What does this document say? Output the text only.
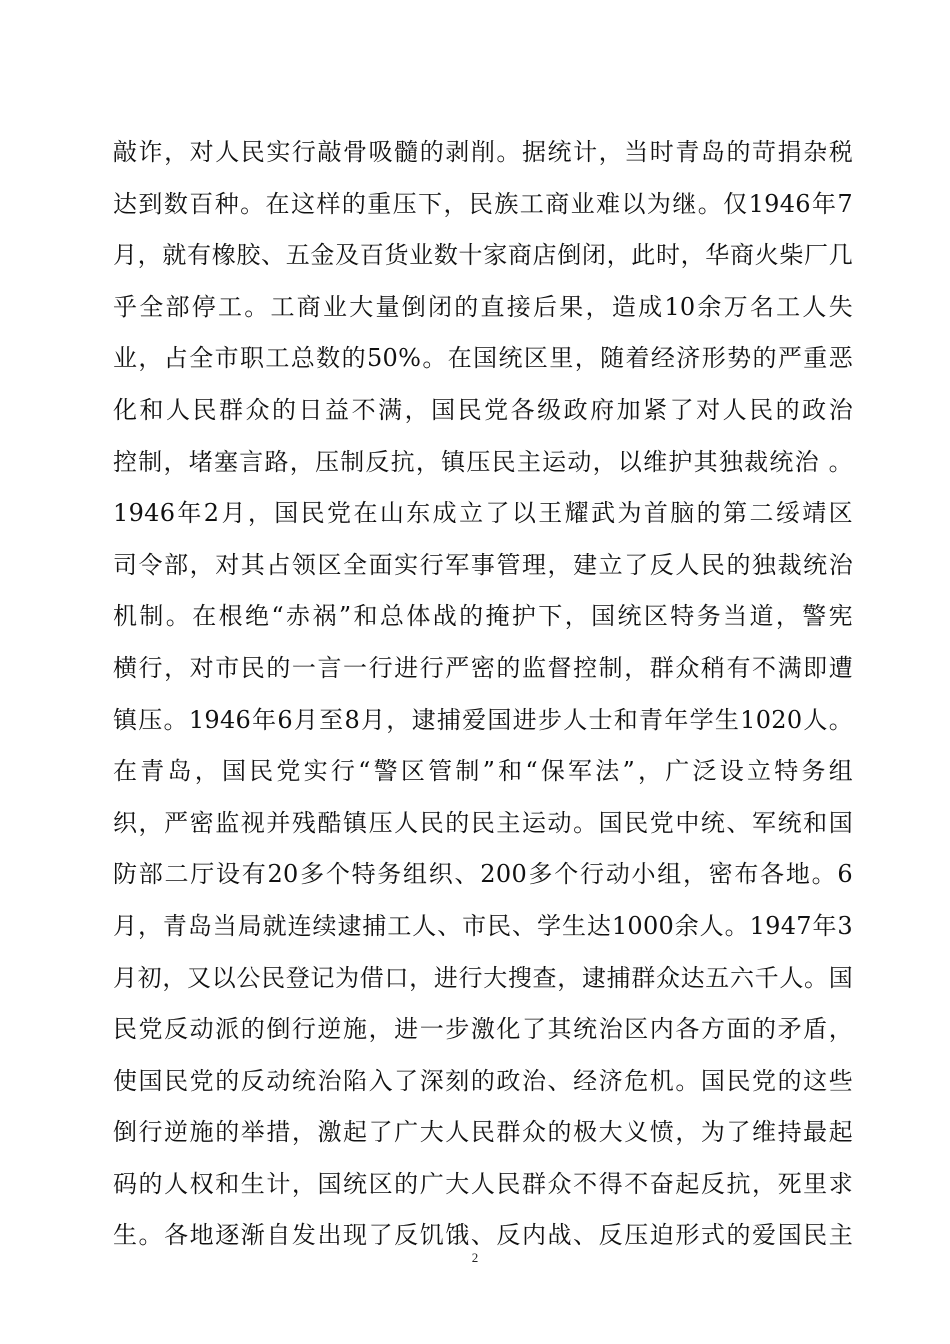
敲诈，对人民实行敲骨吸髓的剥削。据统计，当时青岛的苛捐杂税
达到数百种。在这样的重压下，民族工商业难以为继。仅1946年7
月，就有橡胶、五金及百货业数十家商店倒闭，此时，华商火柴厂几
乎全部停工。工商业大量倒闭的直接后果，造成10余万名工人失
业，占全市职工总数的50%。在国统区里，随着经济形势的严重恶
化和人民群众的日益不满，国民党各级政府加紧了对人民的政治
控制，堵塞言路，压制反抗，镇压民主运动，以维护其独裁统治 。
1946年2月，国民党在山东成立了以王耀武为首脑的第二绥靖区
司令部，对其占领区全面实行军事管理，建立了反人民的独裁统治
机制。在根绝“赤祸”和总体战的掩护下，国统区特务当道，警宪
横行，对市民的一言一行进行严密的监督控制，群众稍有不满即遭
镇压。1946年6月至8月，逮捕爱国进步人士和青年学生1020人。
在青岛，国民党实行“警区管制”和“保军法”，广泛设立特务组
织，严密监视并残酷镇压人民的民主运动。国民党中统、军统和国
防部二厅设有20多个特务组织、200多个行动小组，密布各地。6
月，青岛当局就连续逮捕工人、市民、学生达1000余人。1947年3
月初，又以公民登记为借口，进行大搜查，逮捕群众达五六千人。国
民党反动派的倒行逆施，进一步激化了其统治区内各方面的矛盾，
使国民党的反动统治陷入了深刻的政治、经济危机。国民党的这些
倒行逆施的举措，激起了广大人民群众的极大义愤，为了维持最起
码的人权和生计，国统区的广大人民群众不得不奋起反抗，死里求
生。各地逐渐自发出现了反饥饿、反内战、反压迫形式的爱国民主
2
